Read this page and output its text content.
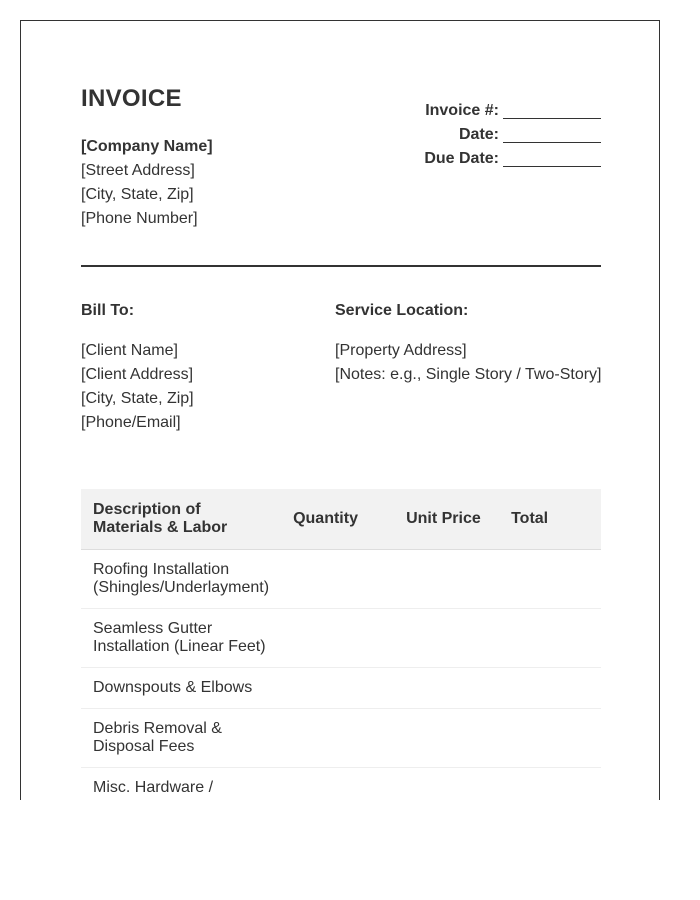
INVOICE
[Company Name]
[Street Address]
[City, State, Zip]
[Phone Number]
Invoice #:
Date:
Due Date:
Bill To:
[Client Name]
[Client Address]
[City, State, Zip]
[Phone/Email]
Service Location:
[Property Address]
[Notes: e.g., Single Story / Two-Story]
Description of Materials & Labor	Quantity	Unit Price	Total
Roofing Installation (Shingles/Underlayment)			
Seamless Gutter Installation (Linear Feet)			
Downspouts & Elbows			
Debris Removal & Disposal Fees			
Misc. Hardware /			
